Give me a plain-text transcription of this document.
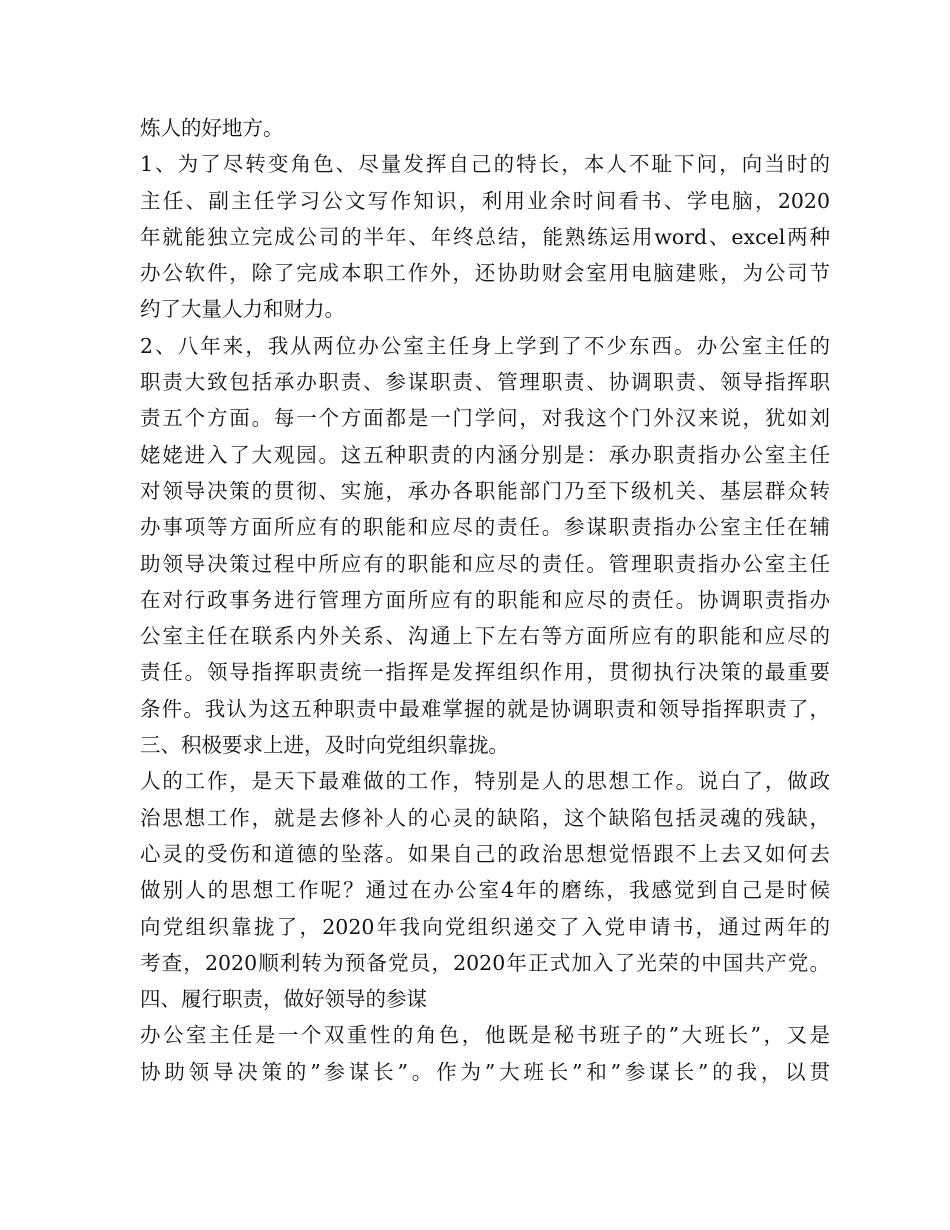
炼人的好地方。
1、为了尽转变角色、尽量发挥自己的特长，本人不耻下问，向当时的
主任、副主任学习公文写作知识，利用业余时间看书、学电脑，2020
年就能独立完成公司的半年、年终总结，能熟练运用word、excel两种
办公软件，除了完成本职工作外，还协助财会室用电脑建账，为公司节
约了大量人力和财力。
2、八年来，我从两位办公室主任身上学到了不少东西。办公室主任的
职责大致包括承办职责、参谋职责、管理职责、协调职责、领导指挥职
责五个方面。每一个方面都是一门学问，对我这个门外汉来说，犹如刘
姥姥进入了大观园。这五种职责的内涵分别是：承办职责指办公室主任
对领导决策的贯彻、实施，承办各职能部门乃至下级机关、基层群众转
办事项等方面所应有的职能和应尽的责任。参谋职责指办公室主任在辅
助领导决策过程中所应有的职能和应尽的责任。管理职责指办公室主任
在对行政事务进行管理方面所应有的职能和应尽的责任。协调职责指办
公室主任在联系内外关系、沟通上下左右等方面所应有的职能和应尽的
责任。领导指挥职责统一指挥是发挥组织作用，贯彻执行决策的最重要
条件。我认为这五种职责中最难掌握的就是协调职责和领导指挥职责了，
三、积极要求上进，及时向党组织靠拢。
人的工作，是天下最难做的工作，特别是人的思想工作。说白了，做政
治思想工作，就是去修补人的心灵的缺陷，这个缺陷包括灵魂的残缺，
心灵的受伤和道德的坠落。如果自己的政治思想觉悟跟不上去又如何去
做别人的思想工作呢？通过在办公室4年的磨练，我感觉到自己是时候
向党组织靠拢了，2020年我向党组织递交了入党申请书，通过两年的
考查，2020顺利转为预备党员，2020年正式加入了光荣的中国共产党。
四、履行职责，做好领导的参谋
办公室主任是一个双重性的角色，他既是秘书班子的”大班长”，又是
协助领导决策的”参谋长”。作为”大班长”和”参谋长”的我，以贯
